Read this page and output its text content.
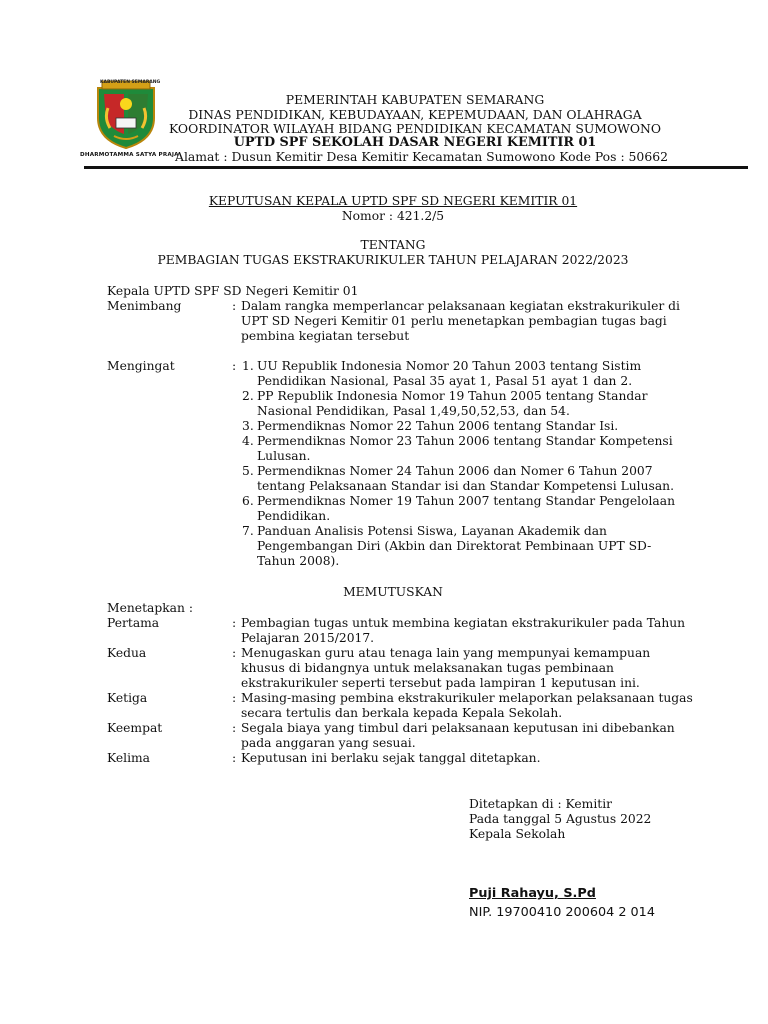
KABUPATEN SEMARANG
DHARMOTAMMA SATYA PRAJA
PEMERINTAH KABUPATEN SEMARANG
DINAS PENDIDIKAN, KEBUDAYAAN, KEPEMUDAAN, DAN OLAHRAGA
KOORDINATOR WILAYAH BIDANG PENDIDIKAN KECAMATAN SUMOWONO
UPTD SPF SEKOLAH DASAR NEGERI KEMITIR 01
Alamat : Dusun Kemitir Desa Kemitir Kecamatan Sumowono Kode Pos : 50662
KEPUTUSAN KEPALA UPTD SPF SD NEGERI KEMITIR 01
Nomor : 421.2/5
TENTANG
PEMBAGIAN TUGAS EKSTRAKURIKULER TAHUN PELAJARAN 2022/2023
Kepala UPTD SPF SD Negeri Kemitir 01
Menimbang	: Dalam rangka memperlancar pelaksanaan kegiatan ekstrakurikuler di
UPT SD Negeri Kemitir 01 perlu menetapkan pembagian tugas bagi
pembina kegiatan tersebut
Mengingat	: 1. UU Republik Indonesia Nomor 20 Tahun 2003 tentang Sistim
Pendidikan Nasional, Pasal 35 ayat 1, Pasal 51 ayat 1 dan 2.
2. PP Republik Indonesia Nomor 19 Tahun 2005 tentang Standar
Nasional Pendidikan, Pasal 1,49,50,52,53, dan 54.
3. Permendiknas Nomor 22 Tahun 2006 tentang Standar Isi.
4. Permendiknas Nomor 23 Tahun 2006 tentang Standar Kompetensi
Lulusan.
5. Permendiknas Nomer 24 Tahun 2006 dan Nomer 6 Tahun 2007
tentang Pelaksanaan Standar isi dan Standar Kompetensi Lulusan.
6. Permendiknas Nomer 19 Tahun 2007 tentang Standar Pengelolaan
Pendidikan.
7. Panduan Analisis Potensi Siswa, Layanan Akademik dan
Pengembangan Diri (Akbin dan Direktorat Pembinaan UPT SD-
Tahun 2008).
MEMUTUSKAN
Menetapkan :
Pertama	: Pembagian tugas untuk membina kegiatan ekstrakurikuler pada Tahun
Pelajaran 2015/2017.
Kedua	: Menugaskan guru atau tenaga lain yang mempunyai kemampuan
khusus di bidangnya untuk melaksanakan tugas pembinaan
ekstrakurikuler seperti tersebut pada lampiran 1 keputusan ini.
Ketiga	: Masing-masing pembina ekstrakurikuler melaporkan pelaksanaan tugas
secara tertulis dan berkala kepada Kepala Sekolah.
Keempat	: Segala biaya yang timbul dari pelaksanaan keputusan ini dibebankan
pada anggaran yang sesuai.
Kelima	: Keputusan ini berlaku sejak tanggal ditetapkan.
Ditetapkan di : Kemitir
Pada tanggal 5 Agustus 2022
Kepala Sekolah
Puji Rahayu, S.Pd
NIP. 19700410 200604 2 014
